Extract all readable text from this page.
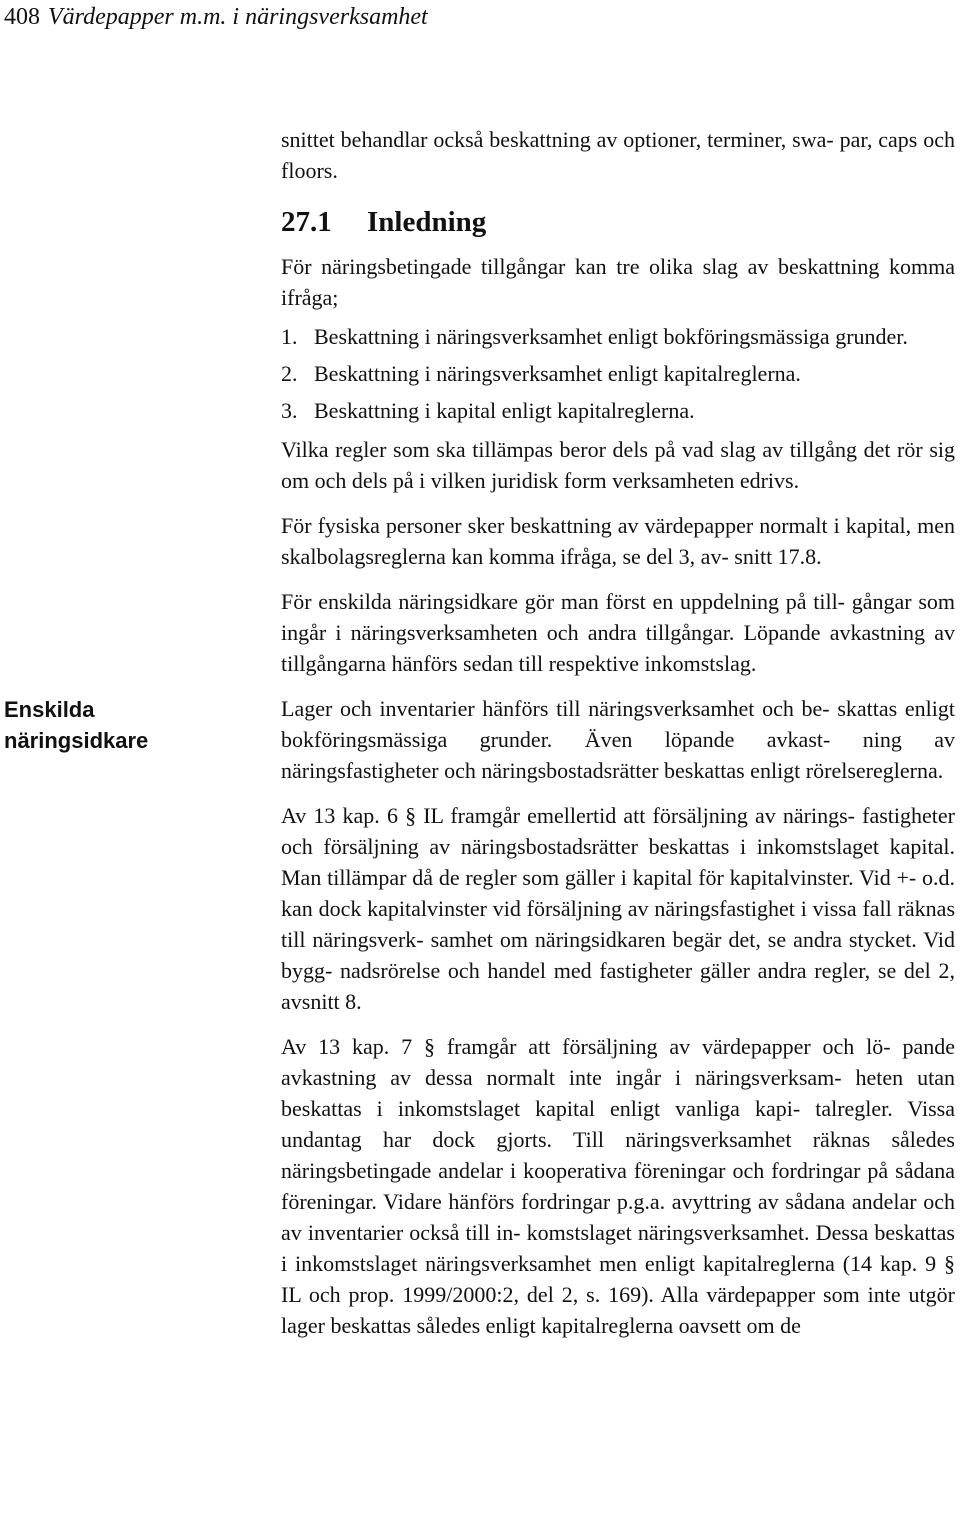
408 Värdepapper m.m. i näringsverksamhet
Enskilda
näringsidkare

snittet behandlar också beskattning av optioner, terminer, swa- par, caps och floors.

27.1 Inledning

För näringsbetingade tillgångar kan tre olika slag av beskattning komma ifråga;

1. Beskattning i näringsverksamhet enligt bokföringsmässiga grunder.
2. Beskattning i näringsverksamhet enligt kapitalreglerna.
3. Beskattning i kapital enligt kapitalreglerna.

Vilka regler som ska tillämpas beror dels på vad slag av tillgång det rör sig om och dels på i vilken juridisk form verksamheten edrivs.

För fysiska personer sker beskattning av värdepapper normalt i kapital, men skalbolagsreglerna kan komma ifråga, se del 3, av- snitt 17.8.

För enskilda näringsidkare gör man först en uppdelning på till- gångar som ingår i näringsverksamheten och andra tillgångar. Löpande avkastning av tillgångarna hänförs sedan till respektive inkomstslag.

Lager och inventarier hänförs till näringsverksamhet och be- skattas enligt bokföringsmässiga grunder. Även löpande avkast- ning av näringsfastigheter och näringsbostadsrätter beskattas enligt rörelsereglerna.

Av 13 kap. 6 § IL framgår emellertid att försäljning av närings- fastigheter och försäljning av näringsbostadsrätter beskattas i inkomstslaget kapital. Man tillämpar då de regler som gäller i kapital för kapitalvinster. Vid +- o.d. kan dock kapitalvinster vid försäljning av näringsfastighet i vissa fall räknas till näringsverk- samhet om näringsidkaren begär det, se andra stycket. Vid bygg- nadsrörelse och handel med fastigheter gäller andra regler, se del 2, avsnitt 8.

Av 13 kap. 7 § framgår att försäljning av värdepapper och lö- pande avkastning av dessa normalt inte ingår i näringsverksam- heten utan beskattas i inkomstslaget kapital enligt vanliga kapi- talregler. Vissa undantag har dock gjorts. Till näringsverksamhet räknas således näringsbetingade andelar i kooperativa föreningar och fordringar på sådana föreningar. Vidare hänförs fordringar p.g.a. avyttring av sådana andelar och av inventarier också till in- komstslaget näringsverksamhet. Dessa beskattas i inkomstslaget näringsverksamhet men enligt kapitalreglerna (14 kap. 9 § IL och prop. 1999/2000:2, del 2, s. 169). Alla värdepapper som inte utgör lager beskattas således enligt kapitalreglerna oavsett om de
